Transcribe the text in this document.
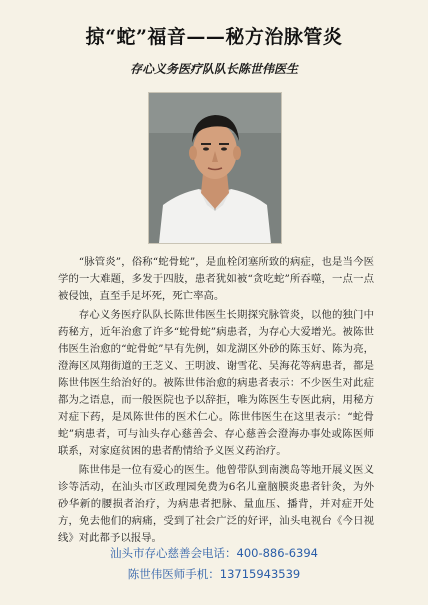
掠“蛇”福音——秘方治脉管炎
存心义务医疗队队长陈世伟医生

“脉管炎”，俗称“蛇骨蛇”，是血栓闭塞所致的病症，也是当今医学的一大难题，多发于四肢，患者犹如被“贪吃蛇”所吞噬，一点一点被侵蚀，直至手足坏死，死亡率高。

存心义务医疗队队长陈世伟医生长期探究脉管炎，以他的独门中药秘方，近年治愈了许多“蛇骨蛇”病患者，为存心大爱增光。被陈世伟医生治愈的“蛇骨蛇”早有先例，如龙湖区外砂的陈玉好、陈为亮，澄海区凤翔街道的王芝义、王明波、谢雪花、吴海花等病患者，都是陈世伟医生给治好的。被陈世伟治愈的病患者表示：不少医生对此症都为之语息，而一般医院也予以辞拒，唯为陈医生专医此病，用秘方对症下药，是凤陈世伟的医术仁心。陈世伟医生在这里表示：“蛇骨蛇”病患者，可与汕头存心慈善会、存心慈善会澄海办事处或陈医师联系，对家庭贫困的患者酌情给予义医义药治疗。

陈世伟是一位有爱心的医生。他曾带队到南澳岛等地开展义医义诊等活动，在汕头市区政理园免费为6名儿童脑膜炎患者针灸，为外砂华新的腰损者治疗，为病患者把脉、量血压、播背，并对症开处方，免去他们的病痛，受到了社会广泛的好评，汕头电视台《今日视线》对此都予以报导。

汕头市存心慈善会电话：400-886-6394
陈世伟医师手机：13715943539
